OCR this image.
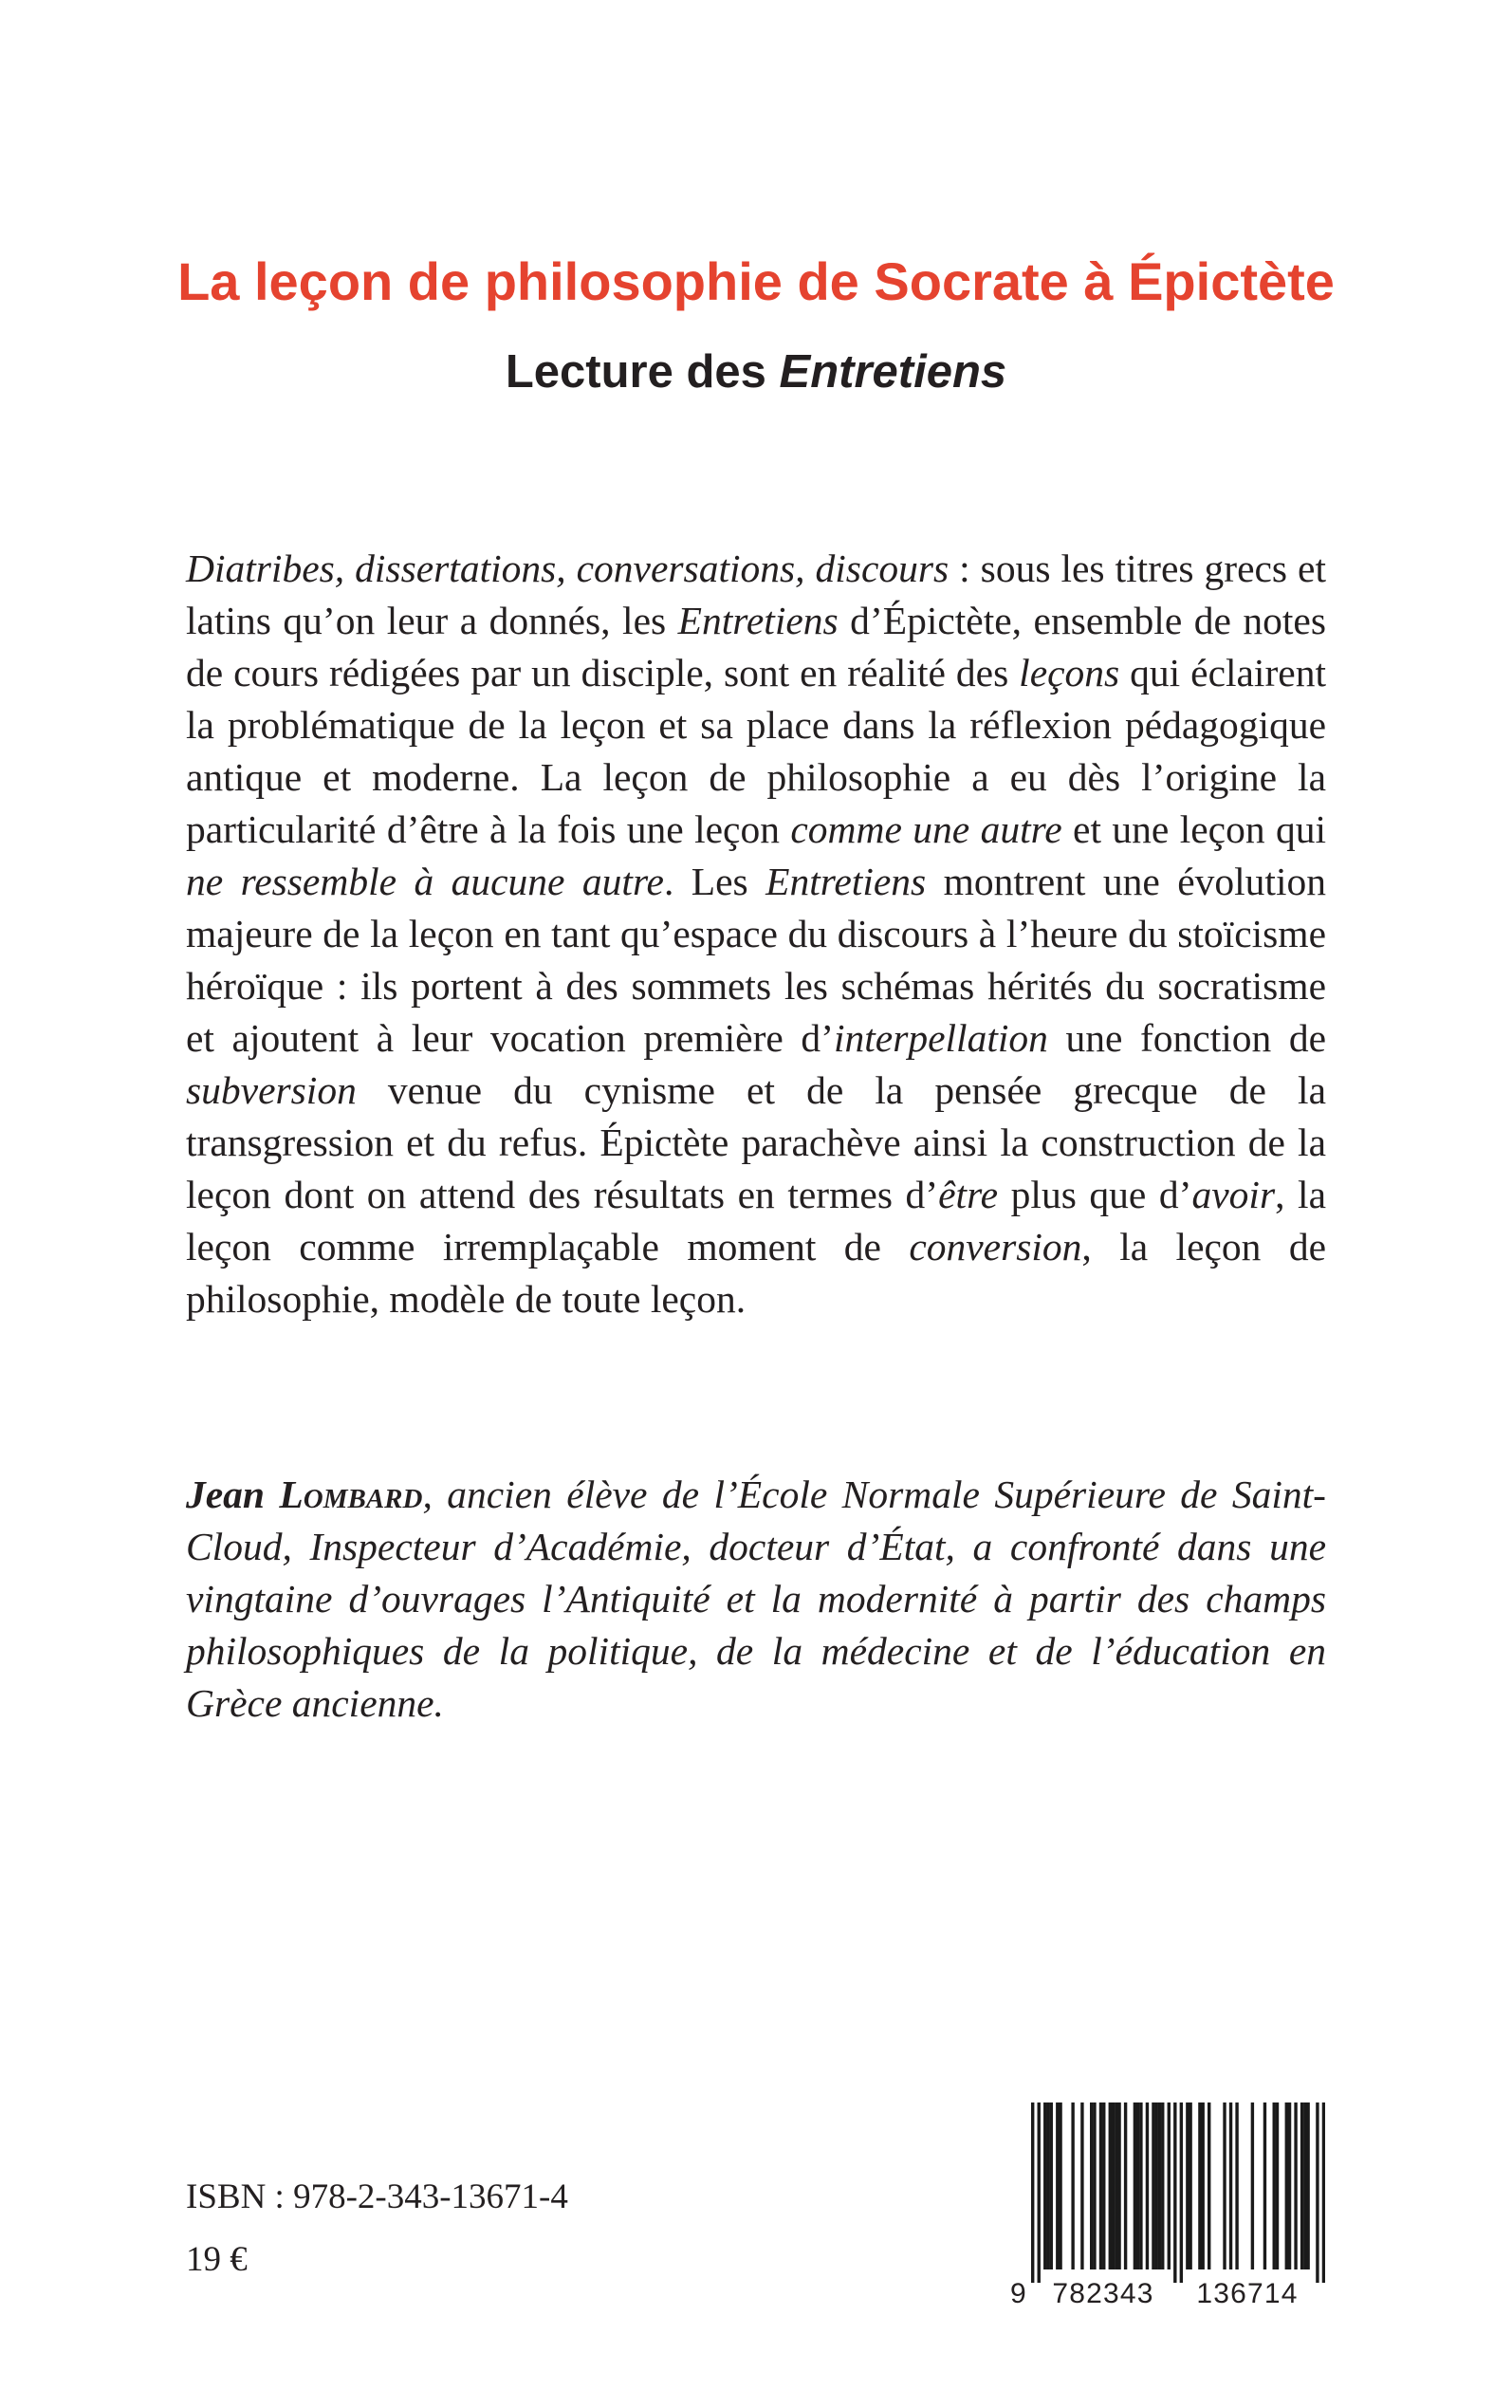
La leçon de philosophie de Socrate à Épictète
Lecture des Entretiens

Diatribes, dissertations, conversations, discours : sous les titres grecs et latins qu’on leur a donnés, les Entretiens d’Épictète, ensemble de notes de cours rédigées par un disciple, sont en réalité des leçons qui éclairent la problématique de la leçon et sa place dans la réflexion pédagogique antique et moderne. La leçon de philosophie a eu dès l’origine la particularité d’être à la fois une leçon comme une autre et une leçon qui ne ressemble à aucune autre. Les Entretiens montrent une évolution majeure de la leçon en tant qu’espace du discours à l’heure du stoïcisme héroïque : ils portent à des sommets les schémas hérités du socratisme et ajoutent à leur vocation première d’interpellation une fonction de subversion venue du cynisme et de la pensée grecque de la transgression et du refus. Épictète parachève ainsi la construction de la leçon dont on attend des résultats en termes d’être plus que d’avoir, la leçon comme irremplaçable moment de conversion, la leçon de philosophie, modèle de toute leçon.

Jean Lombard, ancien élève de l’École Normale Supérieure de Saint-Cloud, Inspecteur d’Académie, docteur d’État, a confronté dans une vingtaine d’ouvrages l’Antiquité et la modernité à partir des champs philosophiques de la politique, de la médecine et de l’éducation en Grèce ancienne.

ISBN : 978-2-343-13671-4

19 €

9 782343 136714
